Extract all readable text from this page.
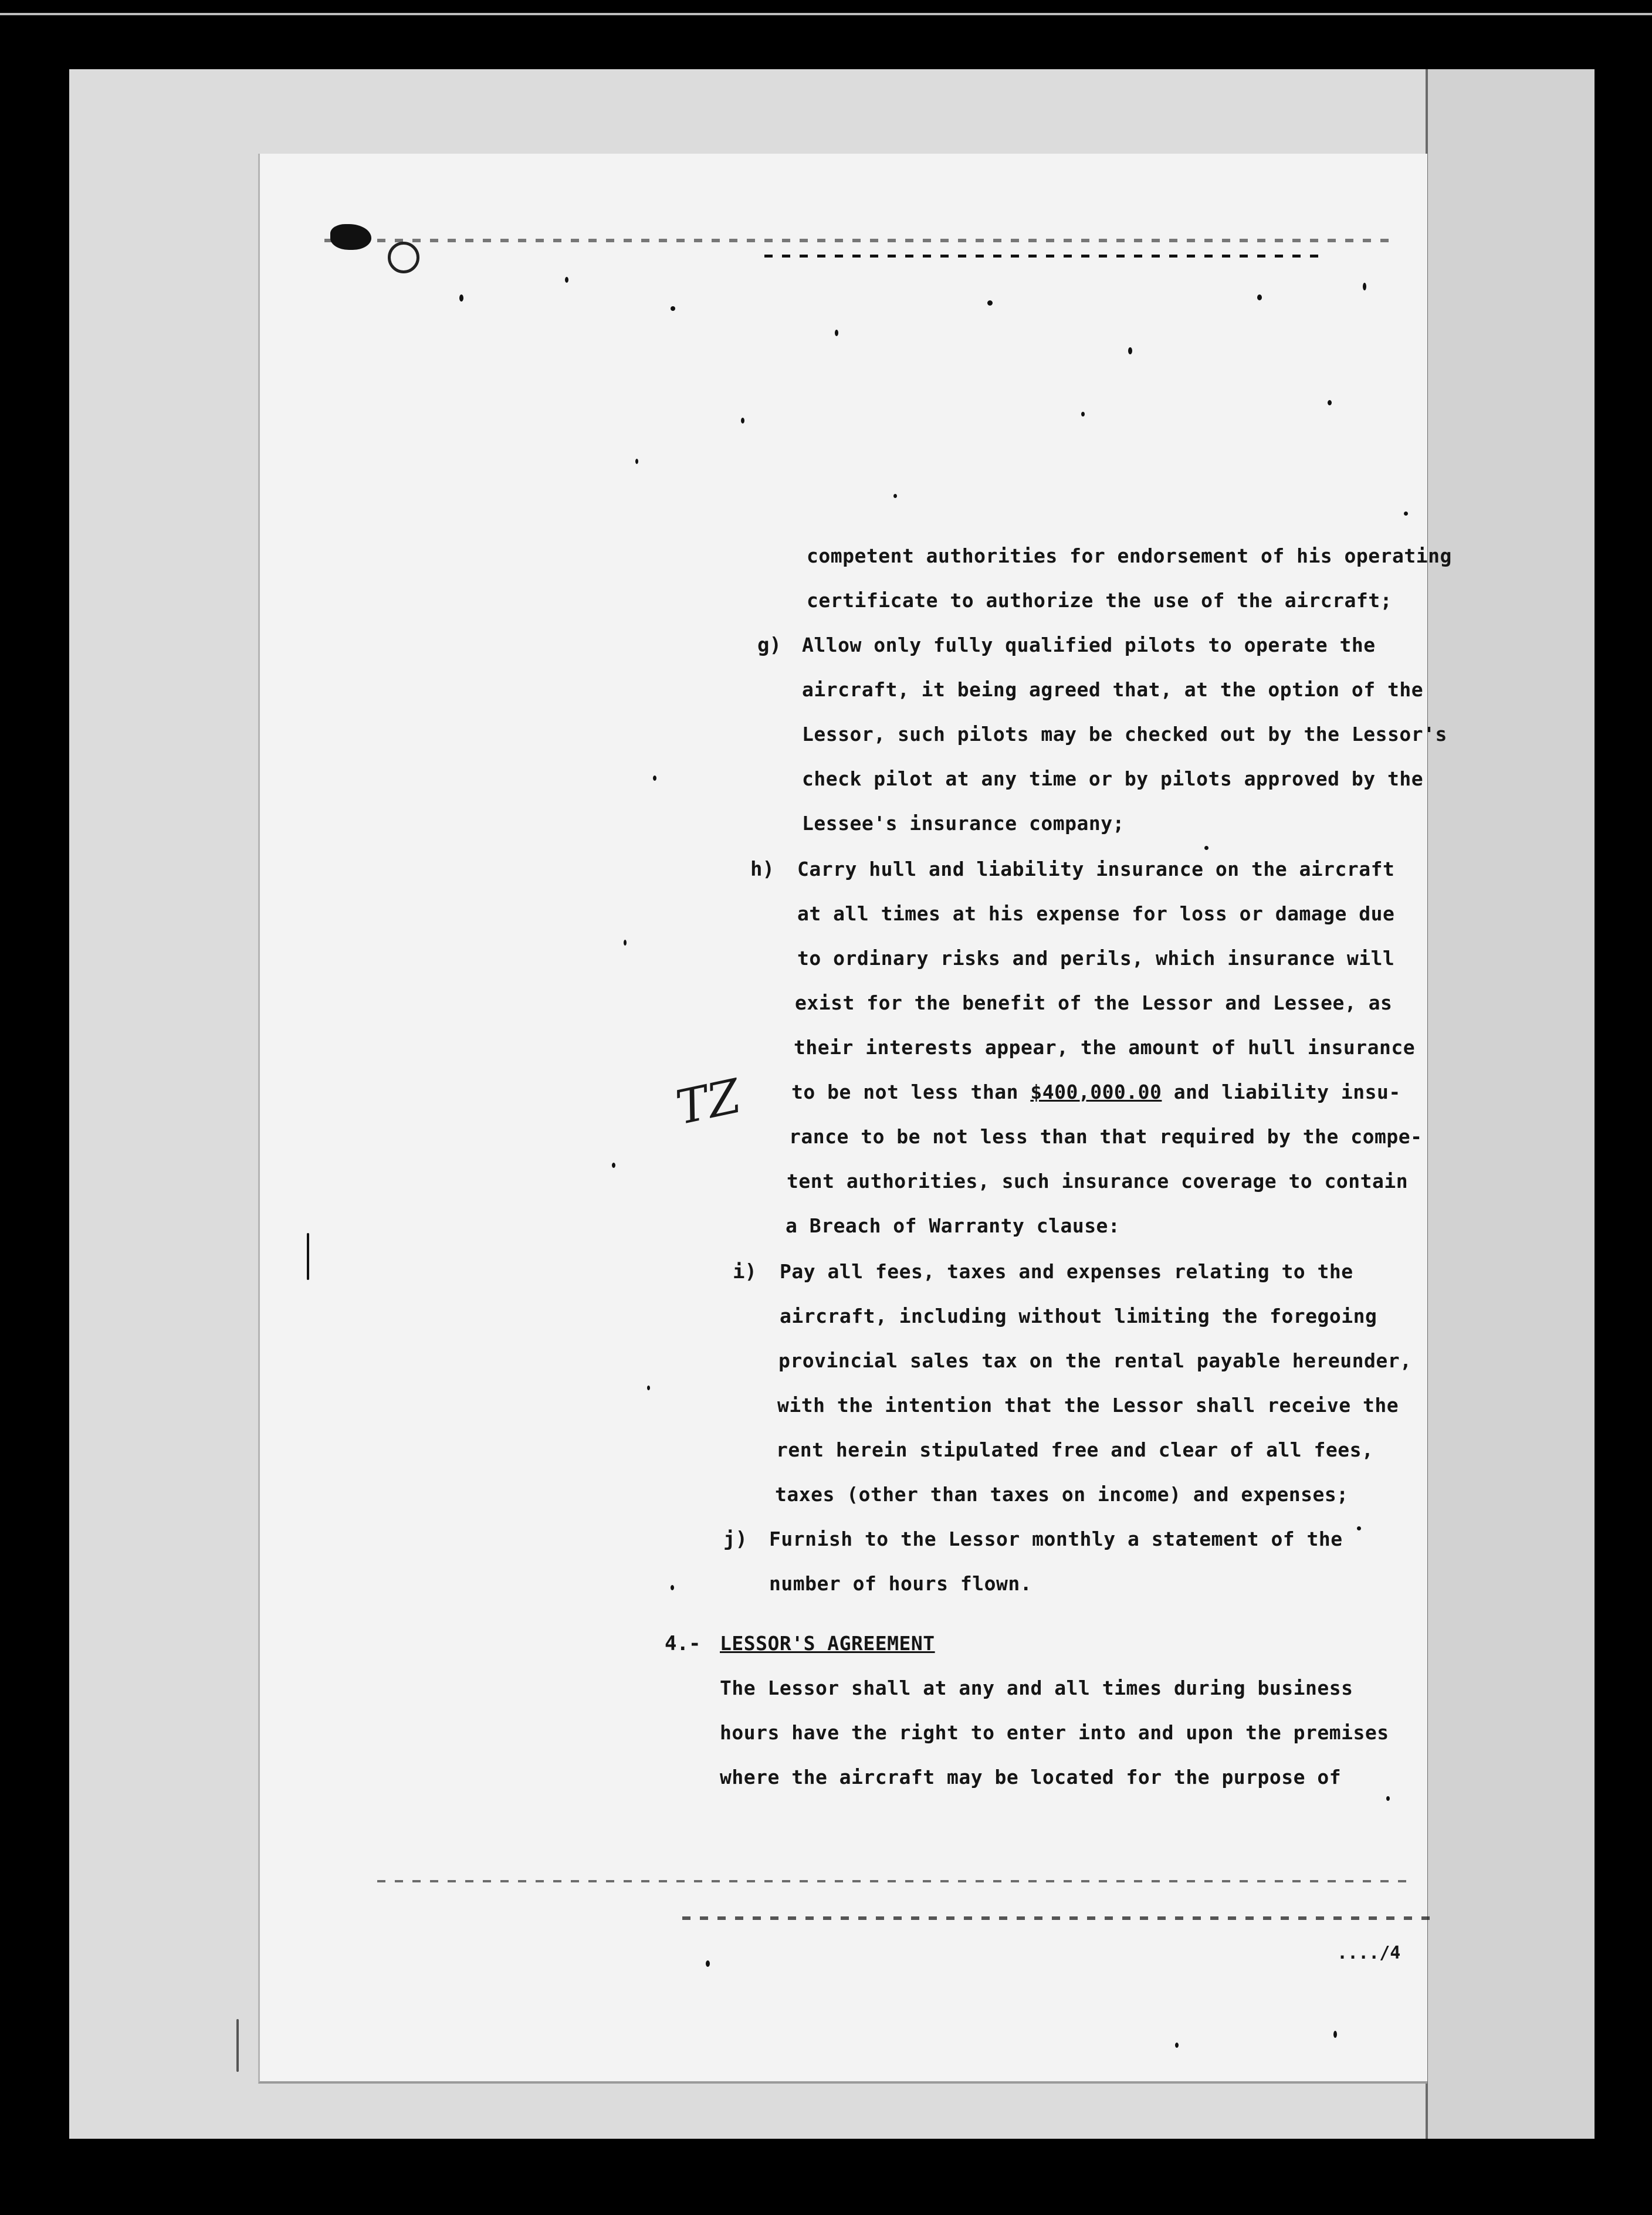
competent authorities for endorsement of his operating
certificate to authorize the use of the aircraft;
g) Allow only fully qualified pilots to operate the
aircraft, it being agreed that, at the option of the
Lessor, such pilots may be checked out by the Lessor's
check pilot at any time or by pilots approved by the
Lessee's insurance company;
h) Carry hull and liability insurance on the aircraft
at all times at his expense for loss or damage due
to ordinary risks and perils, which insurance will
exist for the benefit of the Lessor and Lessee, as
their interests appear, the amount of hull insurance
to be not less than $400,000.00 and liability insu-
rance to be not less than that required by the compe-
tent authorities, such insurance coverage to contain
a Breach of Warranty clause:
TZ
i) Pay all fees, taxes and expenses relating to the
aircraft, including without limiting the foregoing
provincial sales tax on the rental payable hereunder,
with the intention that the Lessor shall receive the
rent herein stipulated free and clear of all fees,
taxes (other than taxes on income) and expenses;
j) Furnish to the Lessor monthly a statement of the
number of hours flown.
4.- LESSOR'S AGREEMENT
The Lessor shall at any and all times during business
hours have the right to enter into and upon the premises
where the aircraft may be located for the purpose of
..../4
